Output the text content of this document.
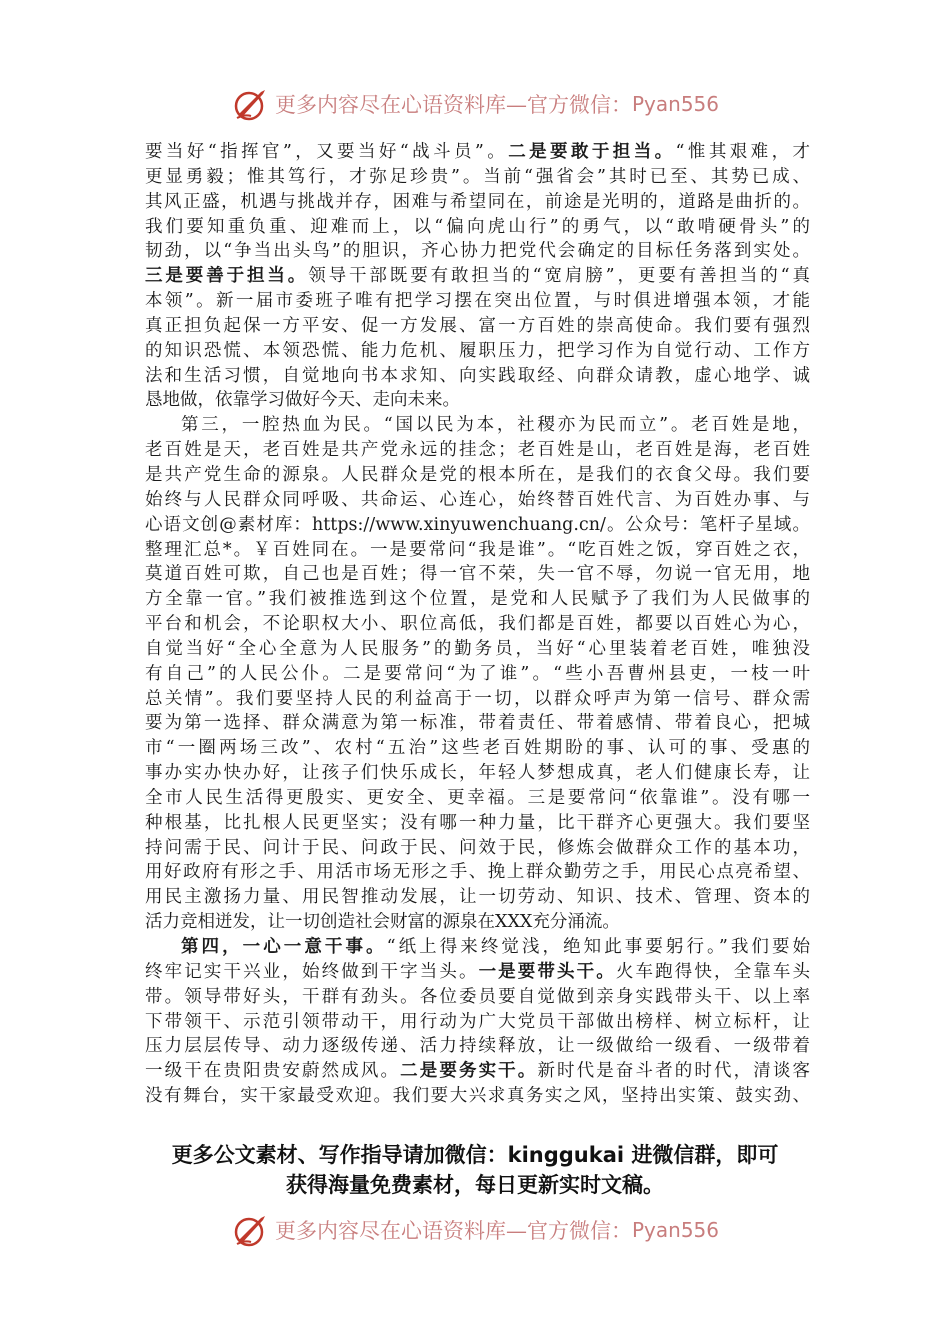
更多内容尽在心语资料库—官方微信： Pyan556
要当好“指挥官”，又要当好“战斗员”。二是要敢于担当。“惟其艰难，才
更显勇毅；惟其笃行，才弥足珍贵”。当前“强省会”其时已至、其势已成、
其风正盛，机遇与挑战并存，困难与希望同在，前途是光明的，道路是曲折的。
我们要知重负重、迎难而上，以“偏向虎山行”的勇气，以“敢啃硬骨头”的
韧劲，以“争当出头鸟”的胆识，齐心协力把党代会确定的目标任务落到实处。
三是要善于担当。领导干部既要有敢担当的“宽肩膀”，更要有善担当的“真
本领”。新一届市委班子唯有把学习摆在突出位置，与时俱进增强本领，才能
真正担负起保一方平安、促一方发展、富一方百姓的崇高使命。我们要有强烈
的知识恐慌、本领恐慌、能力危机、履职压力，把学习作为自觉行动、工作方
法和生活习惯，自觉地向书本求知、向实践取经、向群众请教，虚心地学、诚
恳地做，依靠学习做好今天、走向未来。
第三，一腔热血为民。“国以民为本，社稷亦为民而立”。老百姓是地，
老百姓是天，老百姓是共产党永远的挂念；老百姓是山，老百姓是海，老百姓
是共产党生命的源泉。人民群众是党的根本所在，是我们的衣食父母。我们要
始终与人民群众同呼吸、共命运、心连心，始终替百姓代言、为百姓办事、与
心语文创@素材库：https://www.xinyuwenchuang.cn/。公众号：笔杆子星域。
整理汇总*。￥百姓同在。一是要常问“我是谁”。“吃百姓之饭，穿百姓之衣，
莫道百姓可欺，自己也是百姓；得一官不荣，失一官不辱，勿说一官无用，地
方全靠一官。”我们被推选到这个位置，是党和人民赋予了我们为人民做事的
平台和机会，不论职权大小、职位高低，我们都是百姓，都要以百姓心为心，
自觉当好“全心全意为人民服务”的勤务员，当好“心里装着老百姓，唯独没
有自己”的人民公仆。二是要常问“为了谁”。“些小吾曹州县吏，一枝一叶
总关情”。我们要坚持人民的利益高于一切，以群众呼声为第一信号、群众需
要为第一选择、群众满意为第一标准，带着责任、带着感情、带着良心，把城
市“一圈两场三改”、农村“五治”这些老百姓期盼的事、认可的事、受惠的
事办实办快办好，让孩子们快乐成长，年轻人梦想成真，老人们健康长寿，让
全市人民生活得更殷实、更安全、更幸福。三是要常问“依靠谁”。没有哪一
种根基，比扎根人民更坚实；没有哪一种力量，比干群齐心更强大。我们要坚
持问需于民、问计于民、问政于民、问效于民，修炼会做群众工作的基本功，
用好政府有形之手、用活市场无形之手、挽上群众勤劳之手，用民心点亮希望、
用民主激扬力量、用民智推动发展，让一切劳动、知识、技术、管理、资本的
活力竞相迸发，让一切创造社会财富的源泉在XXX充分涌流。
第四，一心一意干事。“纸上得来终觉浅，绝知此事要躬行。”我们要始
终牢记实干兴业，始终做到干字当头。一是要带头干。火车跑得快，全靠车头
带。领导带好头，干群有劲头。各位委员要自觉做到亲身实践带头干、以上率
下带领干、示范引领带动干，用行动为广大党员干部做出榜样、树立标杆，让
压力层层传导、动力逐级传递、活力持续释放，让一级做给一级看、一级带着
一级干在贵阳贵安蔚然成风。二是要务实干。新时代是奋斗者的时代，清谈客
没有舞台，实干家最受欢迎。我们要大兴求真务实之风，坚持出实策、鼓实劲、
更多公文素材、写作指导请加微信：kinggukai 进微信群，即可
获得海量免费素材，每日更新实时文稿。
更多内容尽在心语资料库—官方微信： Pyan556
